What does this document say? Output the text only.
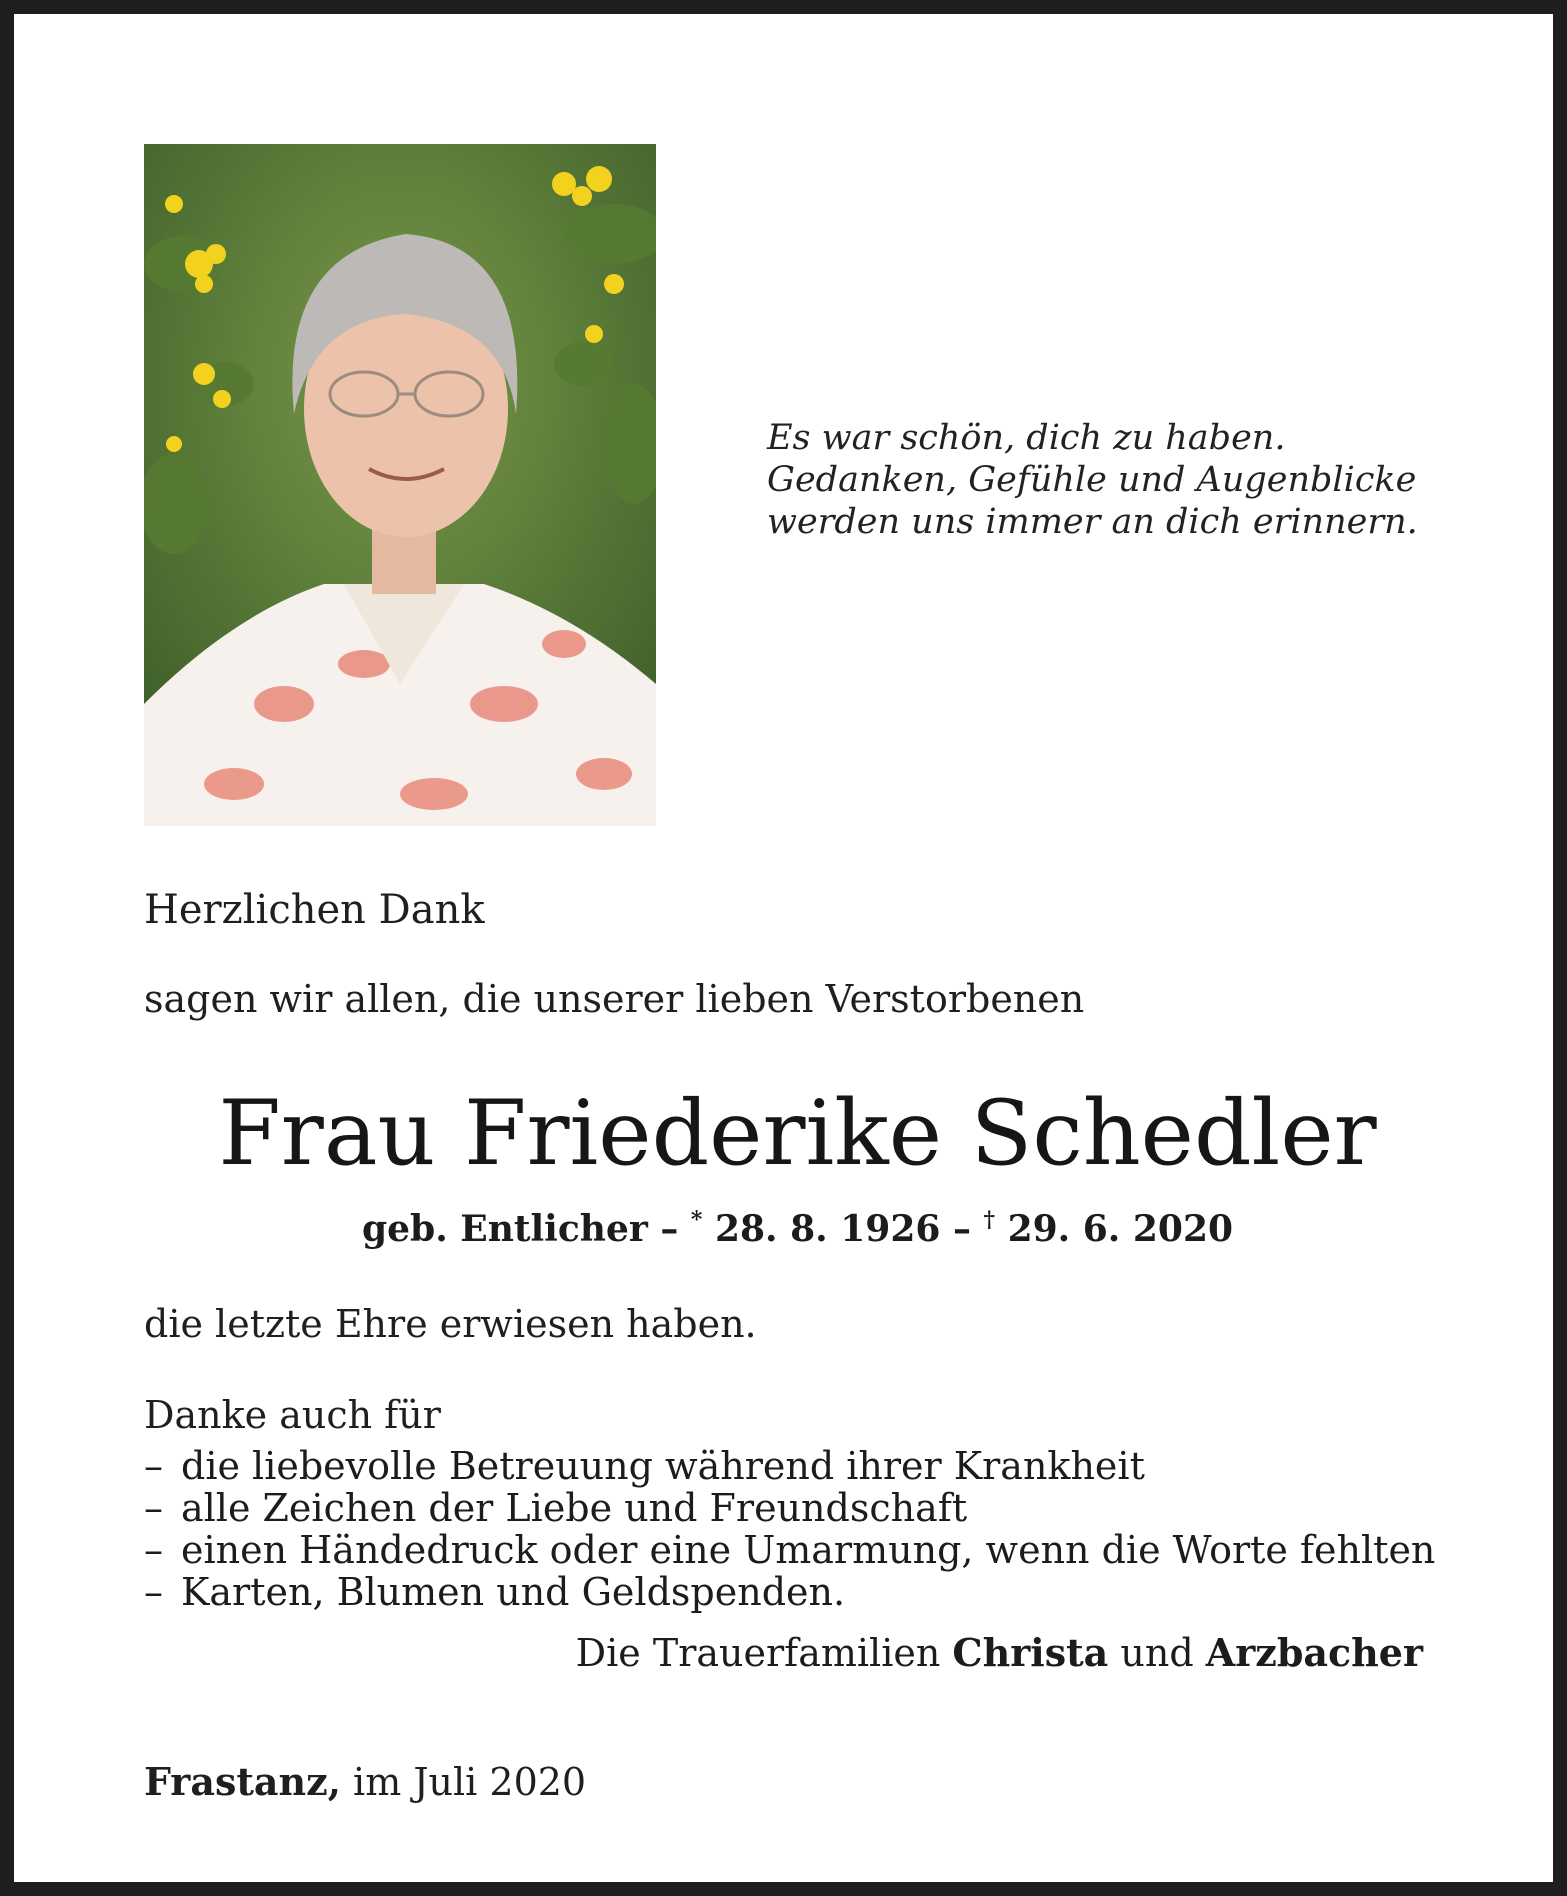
Es war schön, dich zu haben.
Gedanken, Gefühle und Augenblicke
werden uns immer an dich erinnern.
Herzlichen Dank
sagen wir allen, die unserer lieben Verstorbenen
Frau Friederike Schedler
geb. Entlicher – * 28. 8. 1926 – † 29. 6. 2020
die letzte Ehre erwiesen haben.
Danke auch für
– die liebevolle Betreuung während ihrer Krankheit
– alle Zeichen der Liebe und Freundschaft
– einen Händedruck oder eine Umarmung, wenn die Worte fehlten
– Karten, Blumen und Geldspenden.
Die Trauerfamilien Christa und Arzbacher
Frastanz, im Juli 2020
